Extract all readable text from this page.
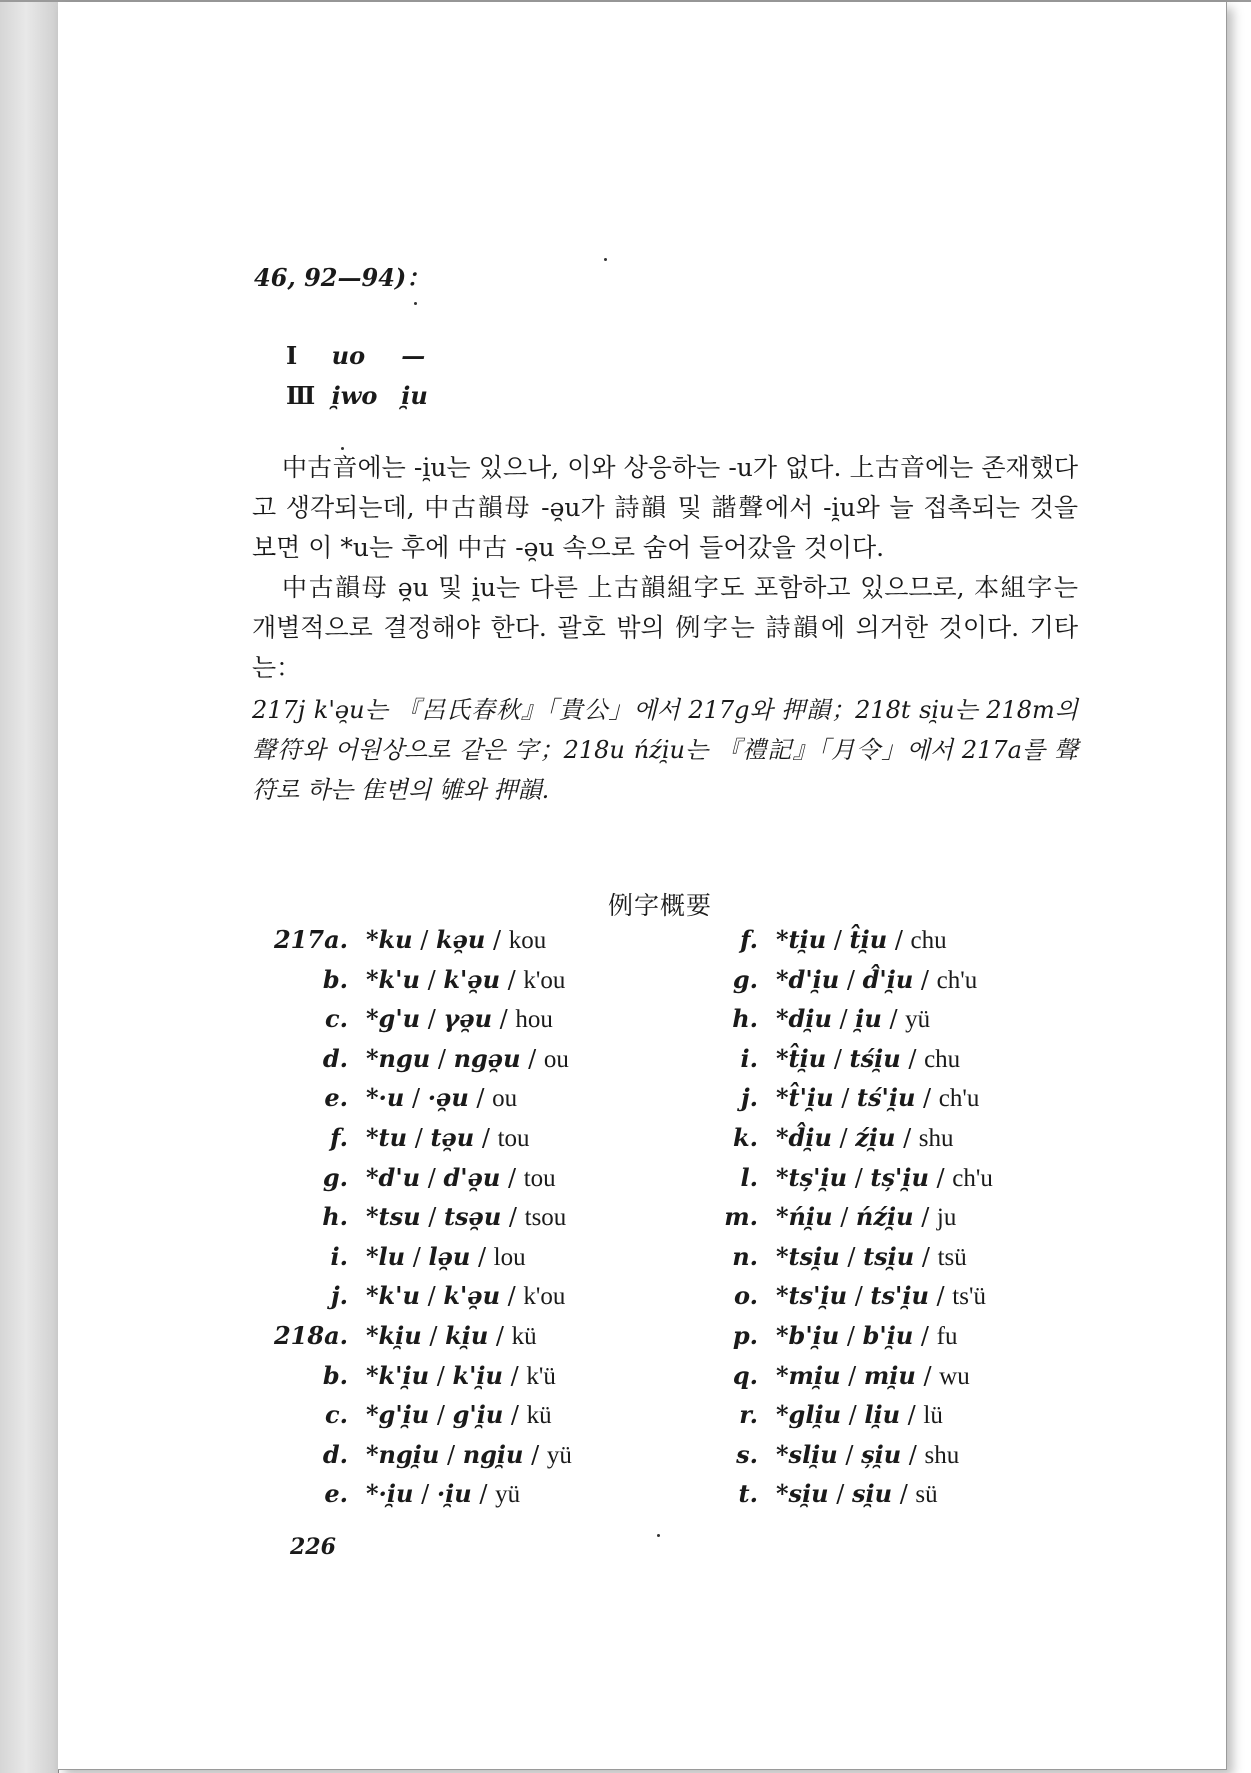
46, 92—94)：
Ⅰ uo —
Ⅲ i̯wo i̯u

中古音에는 -i̯u는 있으나, 이와 상응하는 -u가 없다. 上古音에는 존재했다고 생각되는데, 中古韻母 -ə̯u가 詩韻 및 諧聲에서 -i̯u와 늘 접촉되는 것을 보면 이 *u는 후에 中古 -ə̯u 속으로 숨어 들어갔을 것이다.

中古韻母 ə̯u 및 i̯u는 다른 上古韻組字도 포함하고 있으므로, 本組字는 개별적으로 결정해야 한다. 괄호 밖의 例字는 詩韻에 의거한 것이다. 기타는：

217j k'ə̯u는 『呂氏春秋』「貴公」에서 217g와 押韻；218t si̯u는 218m의 聲符와 어원상으로 같은 字；218u ńźi̯u는 『禮記』「月令」에서 217a를 聲符로 하는 隹변의 雊와 押韻.

例字概要
217a. *ku / kə̯u / kou
b. *k'u / k'ə̯u / k'ou
c. *g'u / γə̯u / hou
d. *ngu / ngə̯u / ou
e. *·u / ·ə̯u / ou
f. *tu / tə̯u / tou
g. *d'u / d'ə̯u / tou
h. *tsu / tsə̯u / tsou
i. *lu / lə̯u / lou
j. *k'u / k'ə̯u / k'ou
218a. *ki̯u / ki̯u / kü
b. *k'i̯u / k'i̯u / k'ü
c. *g'i̯u / g'i̯u / kü
d. *ngi̯u / ngi̯u / yü
e. *·i̯u / ·i̯u / yü
f. *ti̯u / t̂i̯u / chu
g. *d'i̯u / d̂'i̯u / ch'u
h. *di̯u / i̯u / yü
i. *t̂i̯u / tśi̯u / chu
j. *t̂'i̯u / tś'i̯u / ch'u
k. *d̂i̯u / źi̯u / shu
l. *tș'i̯u / tș'i̯u / ch'u
m. *ńi̯u / ńźi̯u / ju
n. *tsi̯u / tsi̯u / tsü
o. *ts'i̯u / ts'i̯u / ts'ü
p. *b'i̯u / b'i̯u / fu
q. *mi̯u / mi̯u / wu
r. *gli̯u / li̯u / lü
s. *sli̯u / și̯u / shu
t. *si̯u / si̯u / sü
226
